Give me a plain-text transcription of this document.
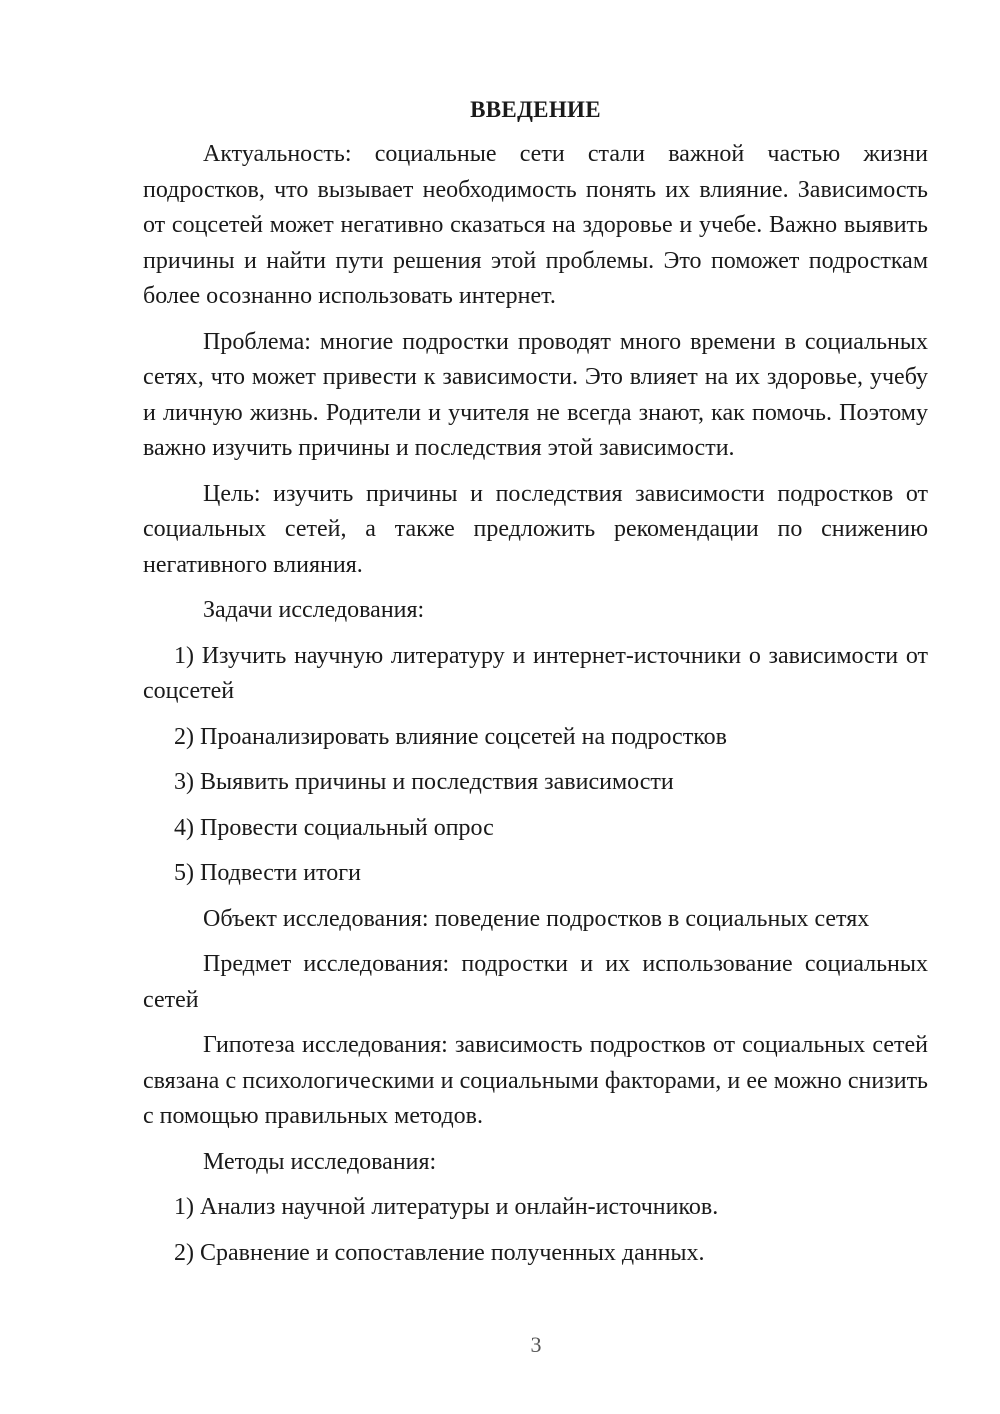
ВВЕДЕНИЕ

Актуальность: социальные сети стали важной частью жизни подростков, что вызывает необходимость понять их влияние. Зависимость от соцсетей может негативно сказаться на здоровье и учебе. Важно выявить причины и найти пути решения этой проблемы. Это поможет подросткам более осознанно использовать интернет.

Проблема: многие подростки проводят много времени в социальных сетях, что может привести к зависимости. Это влияет на их здоровье, учебу и личную жизнь. Родители и учителя не всегда знают, как помочь. Поэтому важно изучить причины и последствия этой зависимости.

Цель: изучить причины и последствия зависимости подростков от социальных сетей, а также предложить рекомендации по снижению негативного влияния.

Задачи исследования:

1) Изучить научную литературу и интернет-источники о зависимости от соцсетей

2) Проанализировать влияние соцсетей на подростков

3) Выявить причины и последствия зависимости

4) Провести социальный опрос

5) Подвести итоги

Объект исследования: поведение подростков в социальных сетях

Предмет исследования: подростки и их использование социальных сетей

Гипотеза исследования: зависимость подростков от социальных сетей связана с психологическими и социальными факторами, и ее можно снизить с помощью правильных методов.

Методы исследования:

1) Анализ научной литературы и онлайн-источников.

2) Сравнение и сопоставление полученных данных.

3
